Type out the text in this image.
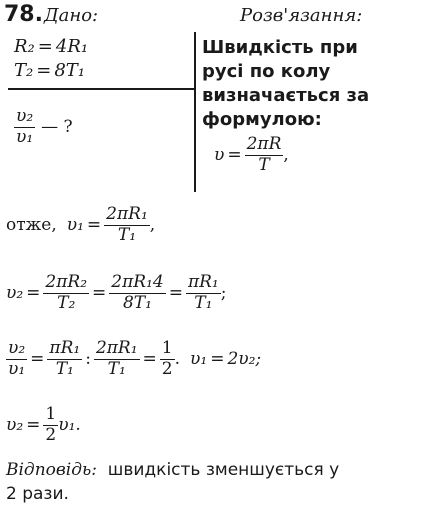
78. Дано:	Розв'язання:
R₂ = 4R₁
T₂ = 8T₁
$\frac{\text{υ₂}}{\text{υ₁}}$ — ?
Швидкість при
русі по колу
визначається за
формулою:
$\upsilon = \frac{2\pi R}{T}$ ,
отже, $\upsilon_1 = \frac{\text{2πR₁}}{\text{T₁}}$ ,
$\upsilon_2 = \frac{\text{2πR₂}}{\text{T₂}} = \frac{\text{2πR₁4}}{\text{8T₁}} = \frac{\text{πR₁}}{\text{T₁}}$ ;
$\frac{\text{υ₂}}{\text{υ₁}} = \frac{\text{πR₁}}{\text{T₁}}$ : $\frac{\text{2πR₁}}{\text{T₁}} = \frac{1}{2}$ . υ₁ = 2υ₂;
$\upsilon_2 = \frac{1}{2} \upsilon_1$.
Відповідь: швидкість зменшується у
2 рази.
